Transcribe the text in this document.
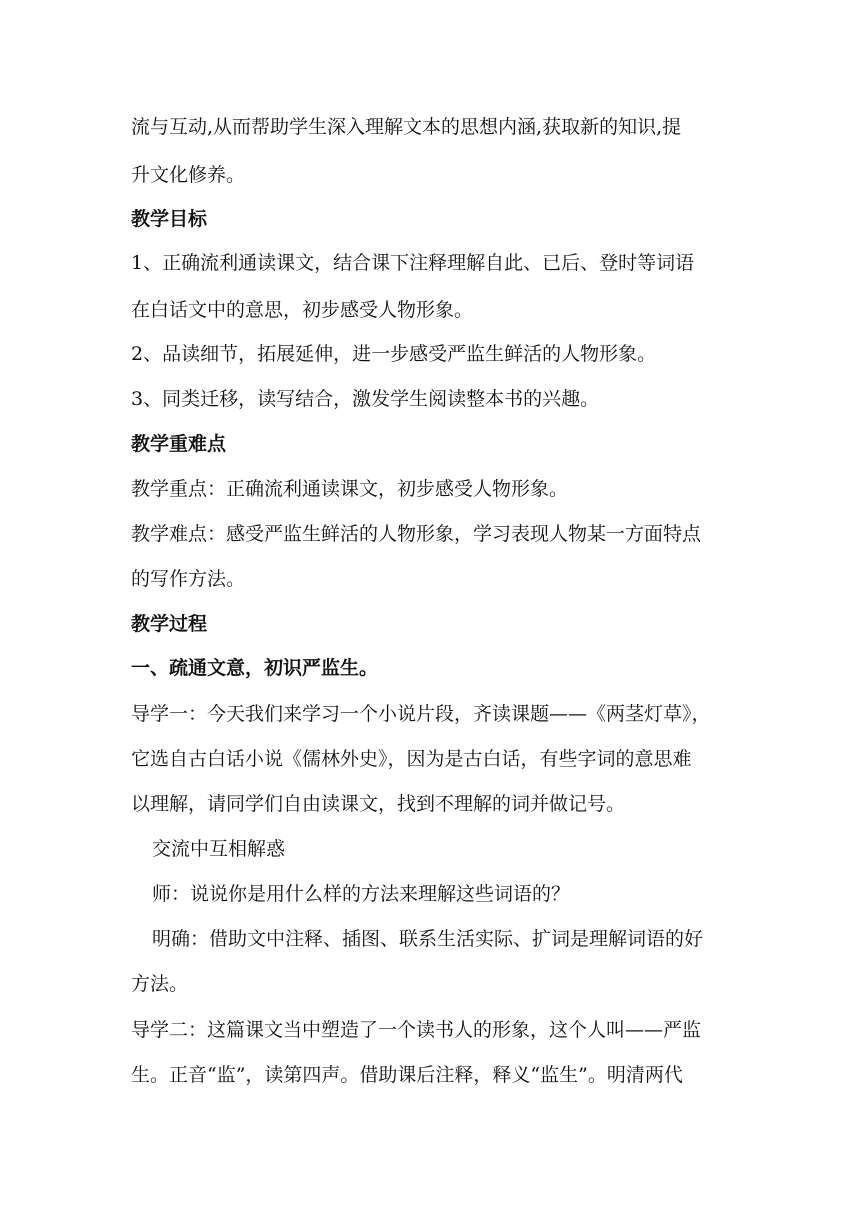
流与互动,从而帮助学生深入理解文本的思想内涵,获取新的知识,提

升文化修养。

教学目标

1、正确流利通读课文，结合课下注释理解自此、已后、登时等词语

在白话文中的意思，初步感受人物形象。

2、品读细节，拓展延伸，进一步感受严监生鲜活的人物形象。

3、同类迁移，读写结合，激发学生阅读整本书的兴趣。

教学重难点

教学重点：正确流利通读课文，初步感受人物形象。

教学难点：感受严监生鲜活的人物形象，学习表现人物某一方面特点

的写作方法。

教学过程

一、疏通文意，初识严监生。

导学一：今天我们来学习一个小说片段，齐读课题——《两茎灯草》，

它选自古白话小说《儒林外史》，因为是古白话，有些字词的意思难

以理解，请同学们自由读课文，找到不理解的词并做记号。

交流中互相解惑

师：说说你是用什么样的方法来理解这些词语的？

明确：借助文中注释、插图、联系生活实际、扩词是理解词语的好

方法。

导学二：这篇课文当中塑造了一个读书人的形象，这个人叫——严监

生。正音“监”，读第四声。借助课后注释，释义“监生”。明清两代
